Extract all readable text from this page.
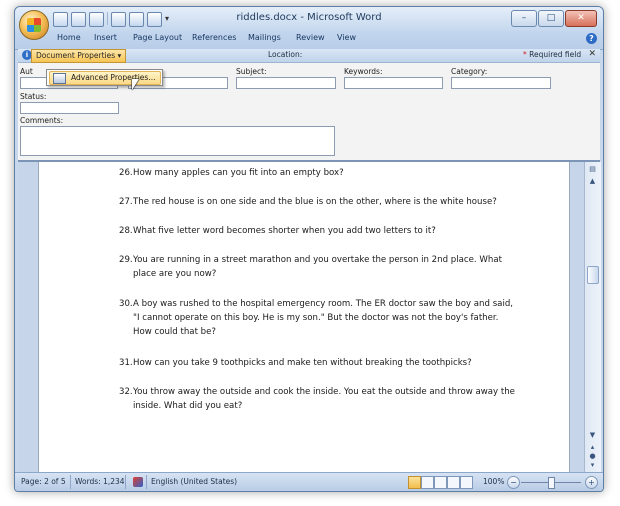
▾	riddles.docx - Microsoft Word	–	□	✕
Home Insert Page Layout References Mailings Review View	?
i	Document Properties ▾	Location:	* Required field ✕
Aut	Subject:	Keywords:	Category:
Status:
Comments:
Advanced Properties...
26. How many apples can you fit into an empty box?
27. The red house is on one side and the blue is on the other, where is the white house?
28. What five letter word becomes shorter when you add two letters to it?
29. You are running in a street marathon and you overtake the person in 2nd place. What place are you now?
30. A boy was rushed to the hospital emergency room. The ER doctor saw the boy and said, "I cannot operate on this boy. He is my son." But the doctor was not the boy's father. How could that be?
31. How can you take 9 toothpicks and make ten without breaking the toothpicks?
32. You throw away the outside and cook the inside. You eat the outside and throw away the inside. What did you eat?
▤
▲
▼
▴
●
▾
Page: 2 of 5 Words: 1,234	English (United States)	100% −	+
